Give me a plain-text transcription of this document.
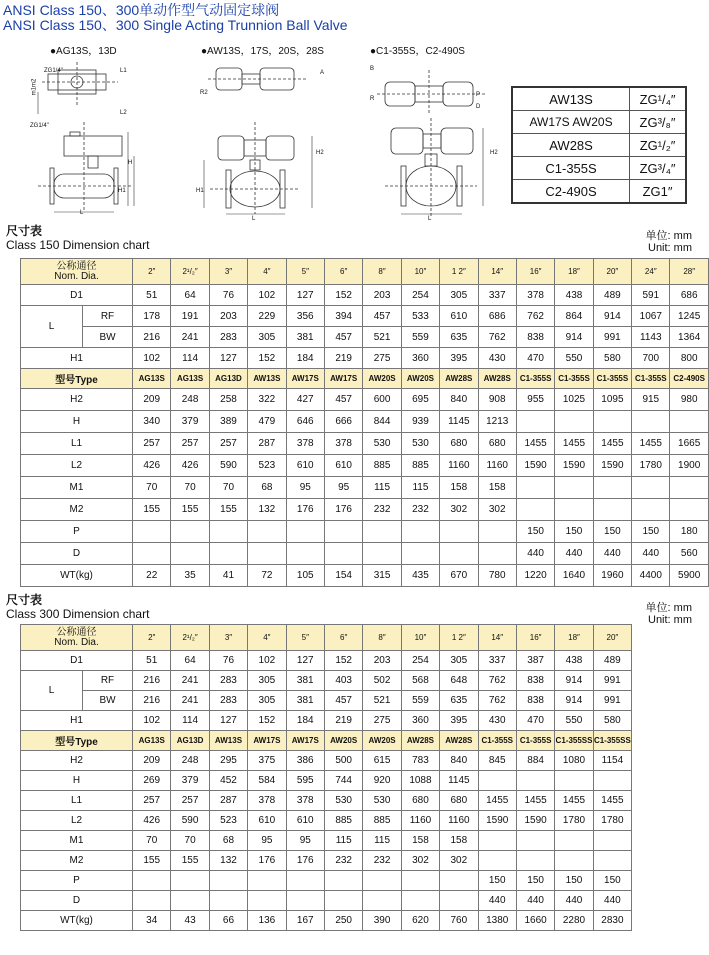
ANSI Class 150、300单动作型气动固定球阀
ANSI Class 150、300 Single Acting Trunnion Ball Valve
●AG13S，13D	●AW13S，17S，20S，28S	●C1-355S，C2-490S
ZG1/4"
ZG1/4"
m1m2
H
H1
L
A
H2
H1
L
P
D
H2
L
B
R
R2
L1
L2
AW13S	ZG¹/₄″
AW17S AW20S	ZG³/₈″
AW28S	ZG¹/₂″
C1-355S	ZG³/₄″
C2-490S	ZG1″
尺寸表
Class 150 Dimension chart
单位: mm
Unit: mm
公称通径
Nom. Dia.		2″	2¹/₂″	3″	4″	5″	6″	8″	10″	1 2″	14″	16″	18″	20″	24″	28″
D1		51	64	76	102	127	152	203	254	305	337	378	438	489	591	686
L	RF	178	191	203	229	356	394	457	533	610	686	762	864	914	1067	1245
	BW	216	241	283	305	381	457	521	559	635	762	838	914	991	1143	1364
H1		102	114	127	152	184	219	275	360	395	430	470	550	580	700	800
型号Type		AG13S	AG13S	AG13D	AW13S	AW17S	AW17S	AW20S	AW20S	AW28S	AW28S	C1-355S	C1-355S	C1-355S	C1-355S	C2-490S
H2		209	248	258	322	427	457	600	695	840	908	955	1025	1095	915	980
H		340	379	389	479	646	666	844	939	1145	1213					
L1		257	257	257	287	378	378	530	530	680	680	1455	1455	1455	1455	1665
L2		426	426	590	523	610	610	885	885	1160	1160	1590	1590	1590	1780	1900
M1		70	70	70	68	95	95	115	115	158	158					
M2		155	155	155	132	176	176	232	232	302	302					
P												150	150	150	150	180
D												440	440	440	440	560
WT(kg)		22	35	41	72	105	154	315	435	670	780	1220	1640	1960	4400	5900
尺寸表
Class 300 Dimension chart	单位: mm
Unit: mm
公称通径
Nom. Dia.		2″	2¹/₂″	3″	4″	5″	6″	8″	10″	1 2″	14″	16″	18″	20″
D1		51	64	76	102	127	152	203	254	305	337	387	438	489
L	RF	216	241	283	305	381	403	502	568	648	762	838	914	991
	BW	216	241	283	305	381	457	521	559	635	762	838	914	991
H1		102	114	127	152	184	219	275	360	395	430	470	550	580
型号Type		AG13S	AG13D	AW13S	AW17S	AW17S	AW20S	AW20S	AW28S	AW28S	C1-355S	C1-355S	C1-355SS	C1-355SS
H2		209	248	295	375	386	500	615	783	840	845	884	1080	1154
H		269	379	452	584	595	744	920	1088	1145				
L1		257	257	287	378	378	530	530	680	680	1455	1455	1455	1455
L2		426	590	523	610	610	885	885	1160	1160	1590	1590	1780	1780
M1		70	70	68	95	95	115	115	158	158				
M2		155	155	132	176	176	232	232	302	302				
P											150	150	150	150
D											440	440	440	440
WT(kg)		34	43	66	136	167	250	390	620	760	1380	1660	2280	2830
